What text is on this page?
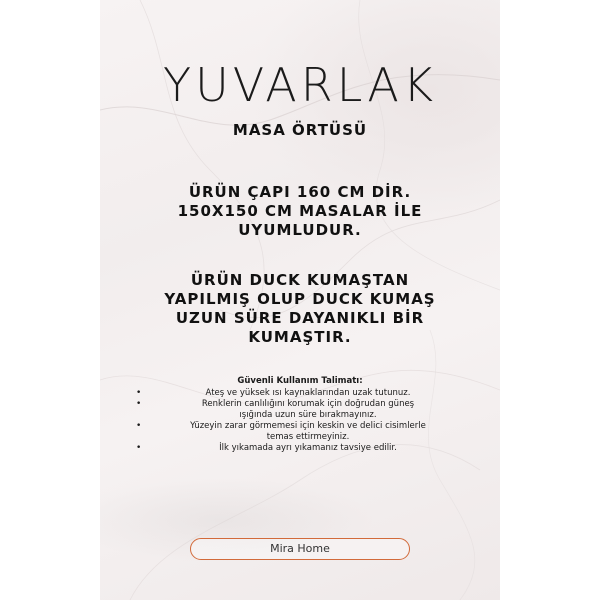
YUVARLAK
MASA ÖRTÜSÜ
ÜRÜN ÇAPI 160 CM DİR.
150X150 CM MASALAR İLE
UYUMLUDUR.
ÜRÜN DUCK KUMAŞTAN
YAPILMIŞ OLUP DUCK KUMAŞ
UZUN SÜRE DAYANIKLI BİR
KUMAŞTIR.
Güvenli Kullanım Talimatı:
•	Ateş ve yüksek ısı kaynaklarından uzak tutunuz.
•	Renklerin canlılığını korumak için doğrudan güneş
ışığında uzun süre bırakmayınız.
•	Yüzeyin zarar görmemesi için keskin ve delici cisimlerle
temas ettirmeyiniz.
•	İlk yıkamada ayrı yıkamanız tavsiye edilir.
Mira Home
